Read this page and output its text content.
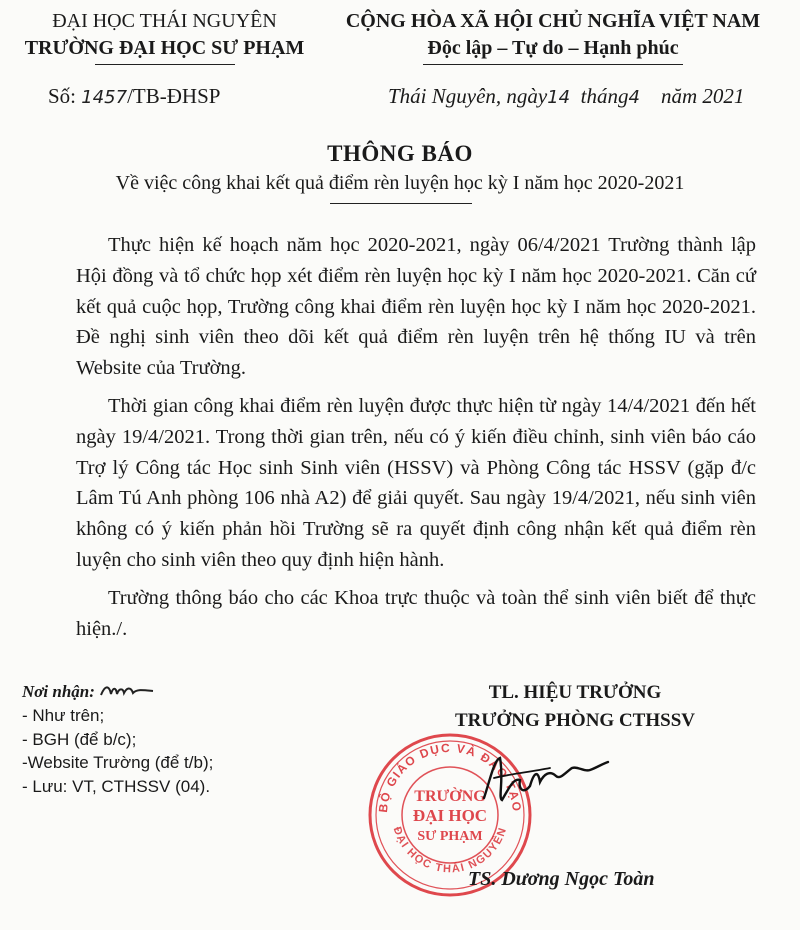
ĐẠI HỌC THÁI NGUYÊN
TRƯỜNG ĐẠI HỌC SƯ PHẠM
CỘNG HÒA XÃ HỘI CHỦ NGHĨA VIỆT NAM
Độc lập – Tự do – Hạnh phúc
Số: 1457/TB-ĐHSP	Thái Nguyên, ngày14 tháng4 năm 2021
THÔNG BÁO
Về việc công khai kết quả điểm rèn luyện học kỳ I năm học 2020-2021

Thực hiện kế hoạch năm học 2020-2021, ngày 06/4/2021 Trường thành lập Hội đồng và tổ chức họp xét điểm rèn luyện học kỳ I năm học 2020-2021. Căn cứ kết quả cuộc họp, Trường công khai điểm rèn luyện học kỳ I năm học 2020-2021. Đề nghị sinh viên theo dõi kết quả điểm rèn luyện trên hệ thống IU và trên Website của Trường.

Thời gian công khai điểm rèn luyện được thực hiện từ ngày 14/4/2021 đến hết ngày 19/4/2021. Trong thời gian trên, nếu có ý kiến điều chỉnh, sinh viên báo cáo Trợ lý Công tác Học sinh Sinh viên (HSSV) và Phòng Công tác HSSV (gặp đ/c Lâm Tú Anh phòng 106 nhà A2) để giải quyết. Sau ngày 19/4/2021, nếu sinh viên không có ý kiến phản hồi Trường sẽ ra quyết định công nhận kết quả điểm rèn luyện cho sinh viên theo quy định hiện hành.

Trường thông báo cho các Khoa trực thuộc và toàn thể sinh viên biết để thực hiện./.

Nơi nhận:
- Như trên;
- BGH (để b/c);
-Website Trường (để t/b);
- Lưu: VT, CTHSSV (04).
TL. HIỆU TRƯỞNG
TRƯỞNG PHÒNG CTHSSV
BỘ GIÁO DỤC VÀ ĐÀO TẠO
ĐẠI HỌC THÁI NGUYÊN
TRƯỜNG
ĐẠI HỌC
SƯ PHẠM
TS. Dương Ngọc Toàn
